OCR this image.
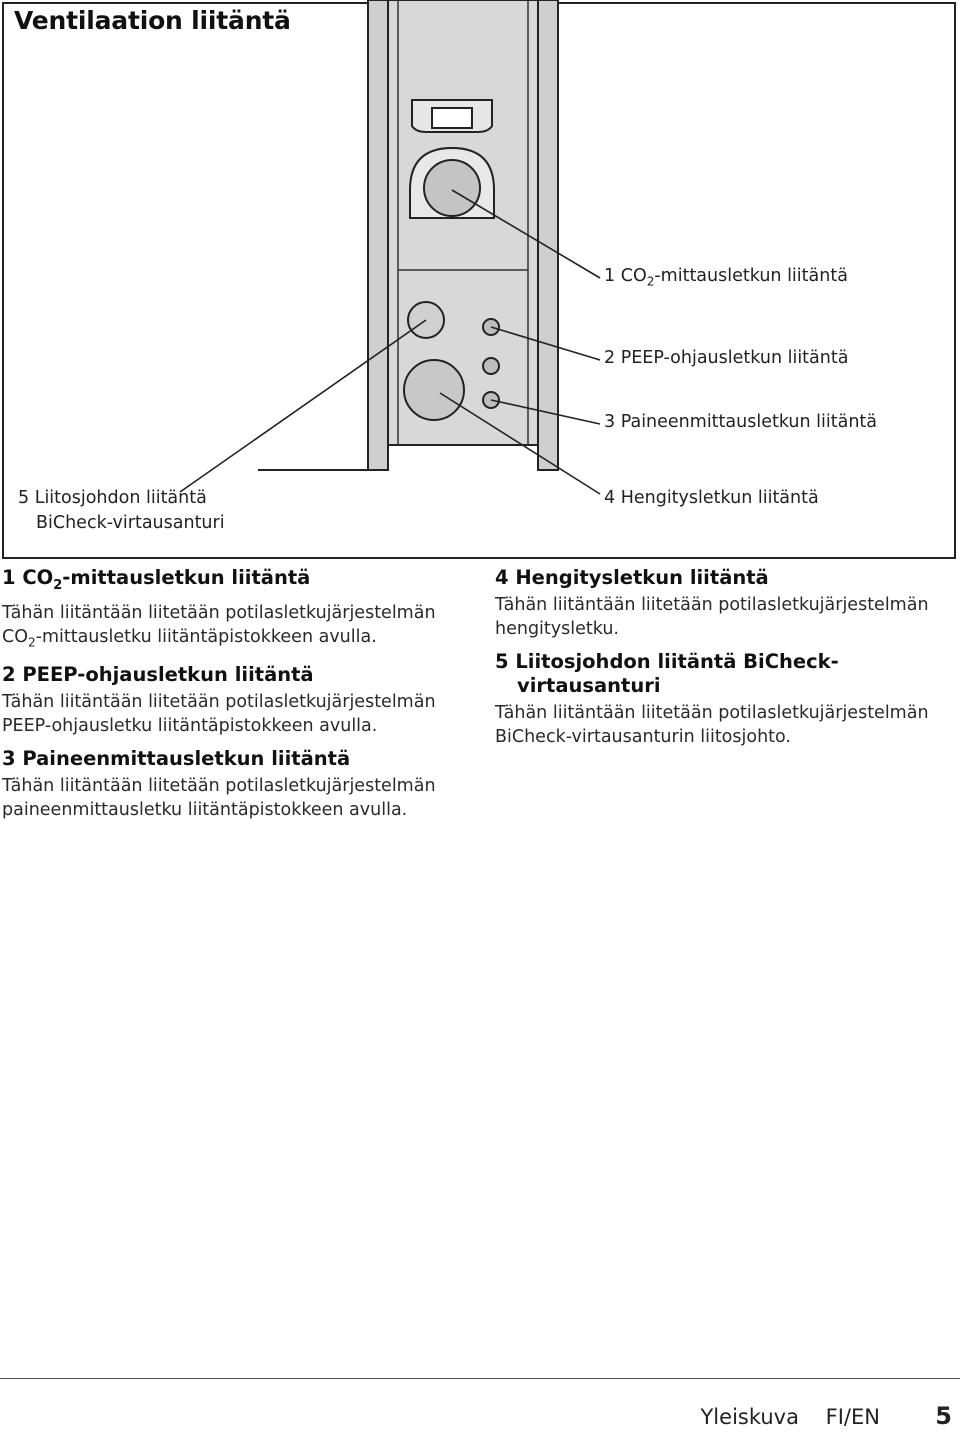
Ventilaation liitäntä
1 $CO_2$-mittausletkun liitäntä
2 PEEP-ohjausletkun liitäntä
3 Paineenmittausletkun liitäntä
4 Hengitysletkun liitäntä
5 Liitosjohdon liitäntä
BiCheck-virtausanturi
1 $CO_2$-mittausletkun liitäntä

Tähän liitäntään liitetään potilasletkujärjestelmän
$CO_2$-mittausletku liitäntäpistokkeen avulla.

2 PEEP-ohjausletkun liitäntä

Tähän liitäntään liitetään potilasletkujärjestelmän PEEP-ohjausletku liitäntäpistokkeen avulla.

3 Paineenmittausletkun liitäntä

Tähän liitäntään liitetään potilasletkujärjestelmän paineenmittausletku liitäntäpistokkeen avulla.

4 Hengitysletkun liitäntä

Tähän liitäntään liitetään potilasletkujärjestelmän hengitysletku.

5 Liitosjohdon liitäntä BiCheck-
virtausanturi

Tähän liitäntään liitetään potilasletkujärjestelmän BiCheck-virtausanturin liitosjohto.

Yleiskuva    FI/EN 5
